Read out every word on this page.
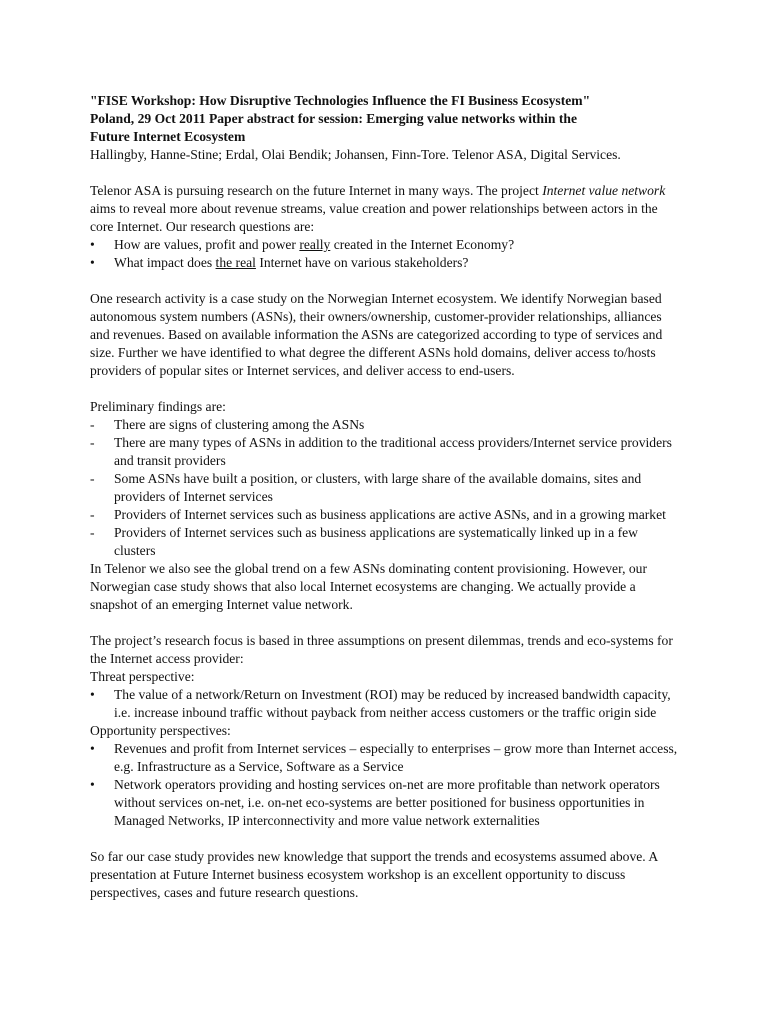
"FISE Workshop: How Disruptive Technologies Influence the FI Business Ecosystem"
Poland, 29 Oct 2011 Paper abstract for session: Emerging value networks within the
Future Internet Ecosystem

Hallingby, Hanne-Stine; Erdal, Olai Bendik; Johansen, Finn-Tore. Telenor ASA, Digital Services.

Telenor ASA is pursuing research on the future Internet in many ways. The project Internet value network aims to reveal more about revenue streams, value creation and power relationships between actors in the core Internet. Our research questions are:

• How are values, profit and power really created in the Internet Economy?
• What impact does the real Internet have on various stakeholders?

One research activity is a case study on the Norwegian Internet ecosystem. We identify Norwegian based autonomous system numbers (ASNs), their owners/ownership, customer-provider relationships, alliances and revenues. Based on available information the ASNs are categorized according to type of services and size. Further we have identified to what degree the different ASNs hold domains, deliver access to/hosts providers of popular sites or Internet services, and deliver access to end-users.

Preliminary findings are:

- There are signs of clustering among the ASNs
- There are many types of ASNs in addition to the traditional access providers/Internet service providers and transit providers
- Some ASNs have built a position, or clusters, with large share of the available domains, sites and providers of Internet services
- Providers of Internet services such as business applications are active ASNs, and in a growing market
- Providers of Internet services such as business applications are systematically linked up in a few clusters

In Telenor we also see the global trend on a few ASNs dominating content provisioning. However, our Norwegian case study shows that also local Internet ecosystems are changing. We actually provide a snapshot of an emerging Internet value network.

The project’s research focus is based in three assumptions on present dilemmas, trends and eco-systems for the Internet access provider:

Threat perspective:

• The value of a network/Return on Investment (ROI) may be reduced by increased bandwidth capacity, i.e. increase inbound traffic without payback from neither access customers or the traffic origin side

Opportunity perspectives:

• Revenues and profit from Internet services – especially to enterprises – grow more than Internet access, e.g. Infrastructure as a Service, Software as a Service
• Network operators providing and hosting services on-net are more profitable than network operators without services on-net, i.e. on-net eco-systems are better positioned for business opportunities in Managed Networks, IP interconnectivity and more value network externalities

So far our case study provides new knowledge that support the trends and ecosystems assumed above. A presentation at Future Internet business ecosystem workshop is an excellent opportunity to discuss perspectives, cases and future research questions.
